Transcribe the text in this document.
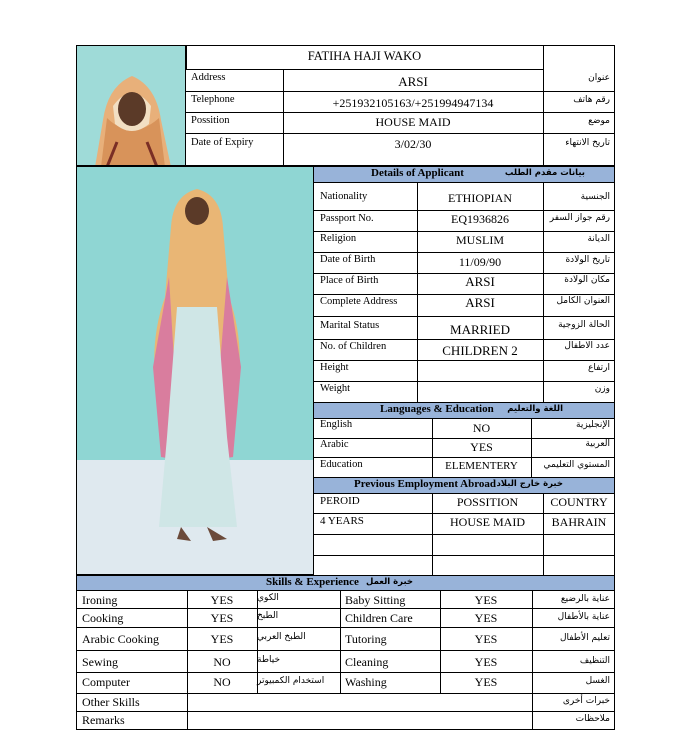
FATIHA HAJI WAKO
Address	ARSI	عنوان
Telephone	+251932105163/+251994947134	رقم هاتف
Possition	HOUSE MAID	موضع
Date of Expiry	3/02/30	تاريخ الانتهاء
Details of Applicant	بيانات مقدم الطلب
Nationality	ETHIOPIAN	الجنسية
Passport No.	EQ1936826	رقم جواز السفر
Religion	MUSLIM	الديانة
Date of Birth	11/09/90	تاريخ الولادة
Place of Birth	ARSI	مكان الولادة
Complete Address	ARSI	العنوان الكامل
Marital Status	MARRIED	الحالة الزوجية
No. of Children	CHILDREN 2	عدد الاطفال
Height	ارتفاع
Weight	وزن
Languages & Education اللغة والتعليم
English	NO	الإنجليزية
Arabic	YES	العربية
Education	ELEMENTERY	المستوي التعليمي
Previous Employment Abroad خبرة خارج البلاد
PEROID	POSSITION	COUNTRY
4 YEARS	HOUSE MAID	BAHRAIN
Skills & Experience خبرة العمل
Ironing	YES	الكوي	Baby Sitting	YES	عناية بالرضيع
Cooking	YES	الطبخ	Children Care	YES	عناية بالأطفال
Arabic Cooking	YES	الطبخ العربي	Tutoring	YES	تعليم الأطفال
Sewing	NO	خياطة	Cleaning	YES	التنظيف
Computer	NO	استخدام الكمبيوتر	Washing	YES	الغسل
Other Skills	خبرات أخرى
Remarks	ملاحظات
